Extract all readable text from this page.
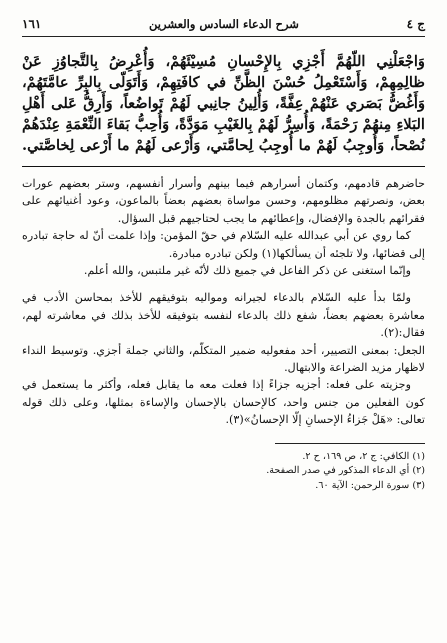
ج ٤
شرح الدعاء السادس والعشرين
١٦١
وَاجْعَلْنِي اللّهُمَّ أَجْزِي بِالإِحْسانِ مُسِيْئَهُمْ، وَأُعْرِضُ بِالتَّجاوُزِ عَنْ
ظالِمِهِمْ، وَأَسْتَعْمِلُ حُسْنَ الظَّنِّ في كافَتِهِمْ، وَأَتَوَلّى بِالبِرِّ عامَّتَهُمْ،
وَأَغُضُّ بَصَري عَنْهُمْ عِفَّةً، وَأُلِينُ جانِبي لَهُمْ تَواضُعاً، وَأَرِقُّ عَلى أَهْلِ
البَلاءِ مِنهُمْ رَحْمَةً، وَأُسِرُّ لَهُمْ بِالغَيْبِ مَوَدَّةً، وَأُحِبُّ بَقاءَ النِّعْمَةِ عِنْدَهُمْ
نُصْحاً، وَأُوجِبُ لَهُمْ ما أُوجِبُ لِحامَّتي، وَأَرْعى لَهُمْ ما أَرْعى لِخاصَّتي.

حاضرهم قادمهم، وكتمان أسرارهم فيما بينهم وأسرار أنفسهم، وستر بعضهم عورات بعض، ونصرتهم مظلومهم، وحسن مواساة بعضهم بعضاً بالماعون، وعود أغنيائهم على فقرائهم بالجدة والإفضال، وإعطائهم ما يجب لحتاجيهم قبل السؤال.

كما روي عن أبي عبدالله عليه السّلام في حقّ المؤمن: وإذا علمت أنّ له حاجة تبادره إلى قضائها، ولا تلجئه أن يسألكها(١) ولكن تبادره مبادرة.

وإنّما استغنى عن ذكر الفاعل في جميع ذلك لأنّه غير ملتبس، والله أعلم.

ولمّا بدأ عليه السّلام بالدعاء لجيرانه ومواليه بتوفيقهم للأخذ بمحاسن الأدب في معاشرة بعضهم بعضاً، شفع ذلك بالدعاء لنفسه بتوفيقه للأخذ بذلك في معاشرته لهم، فقال:(٢).

الجعل: بمعنى التصيير، أحد مفعوليه ضمير المتكلّم، والثاني جملة أجزي. وتوسيط النداء لاظهار مزيد الضراعة والابتهال.

وجزيته على فعله: أجزيه جزاءً إذا فعلت معه ما يقابل فعله، وأكثر ما يستعمل في كون الفعلين من جنس واحد، كالإحسان بالإحسان والإساءة بمثلها، وعلى ذلك قوله تعالى: «هَلْ جَزاءُ الإحسانِ إلّا الإحسانُ»(٣).

(١) الكافي: ج ٢، ص ١٦٩، ح ٢.
(٢) أي الدعاء المذكور في صدر الصفحة.
(٣) سورة الرحمن: الآية ٦٠.
